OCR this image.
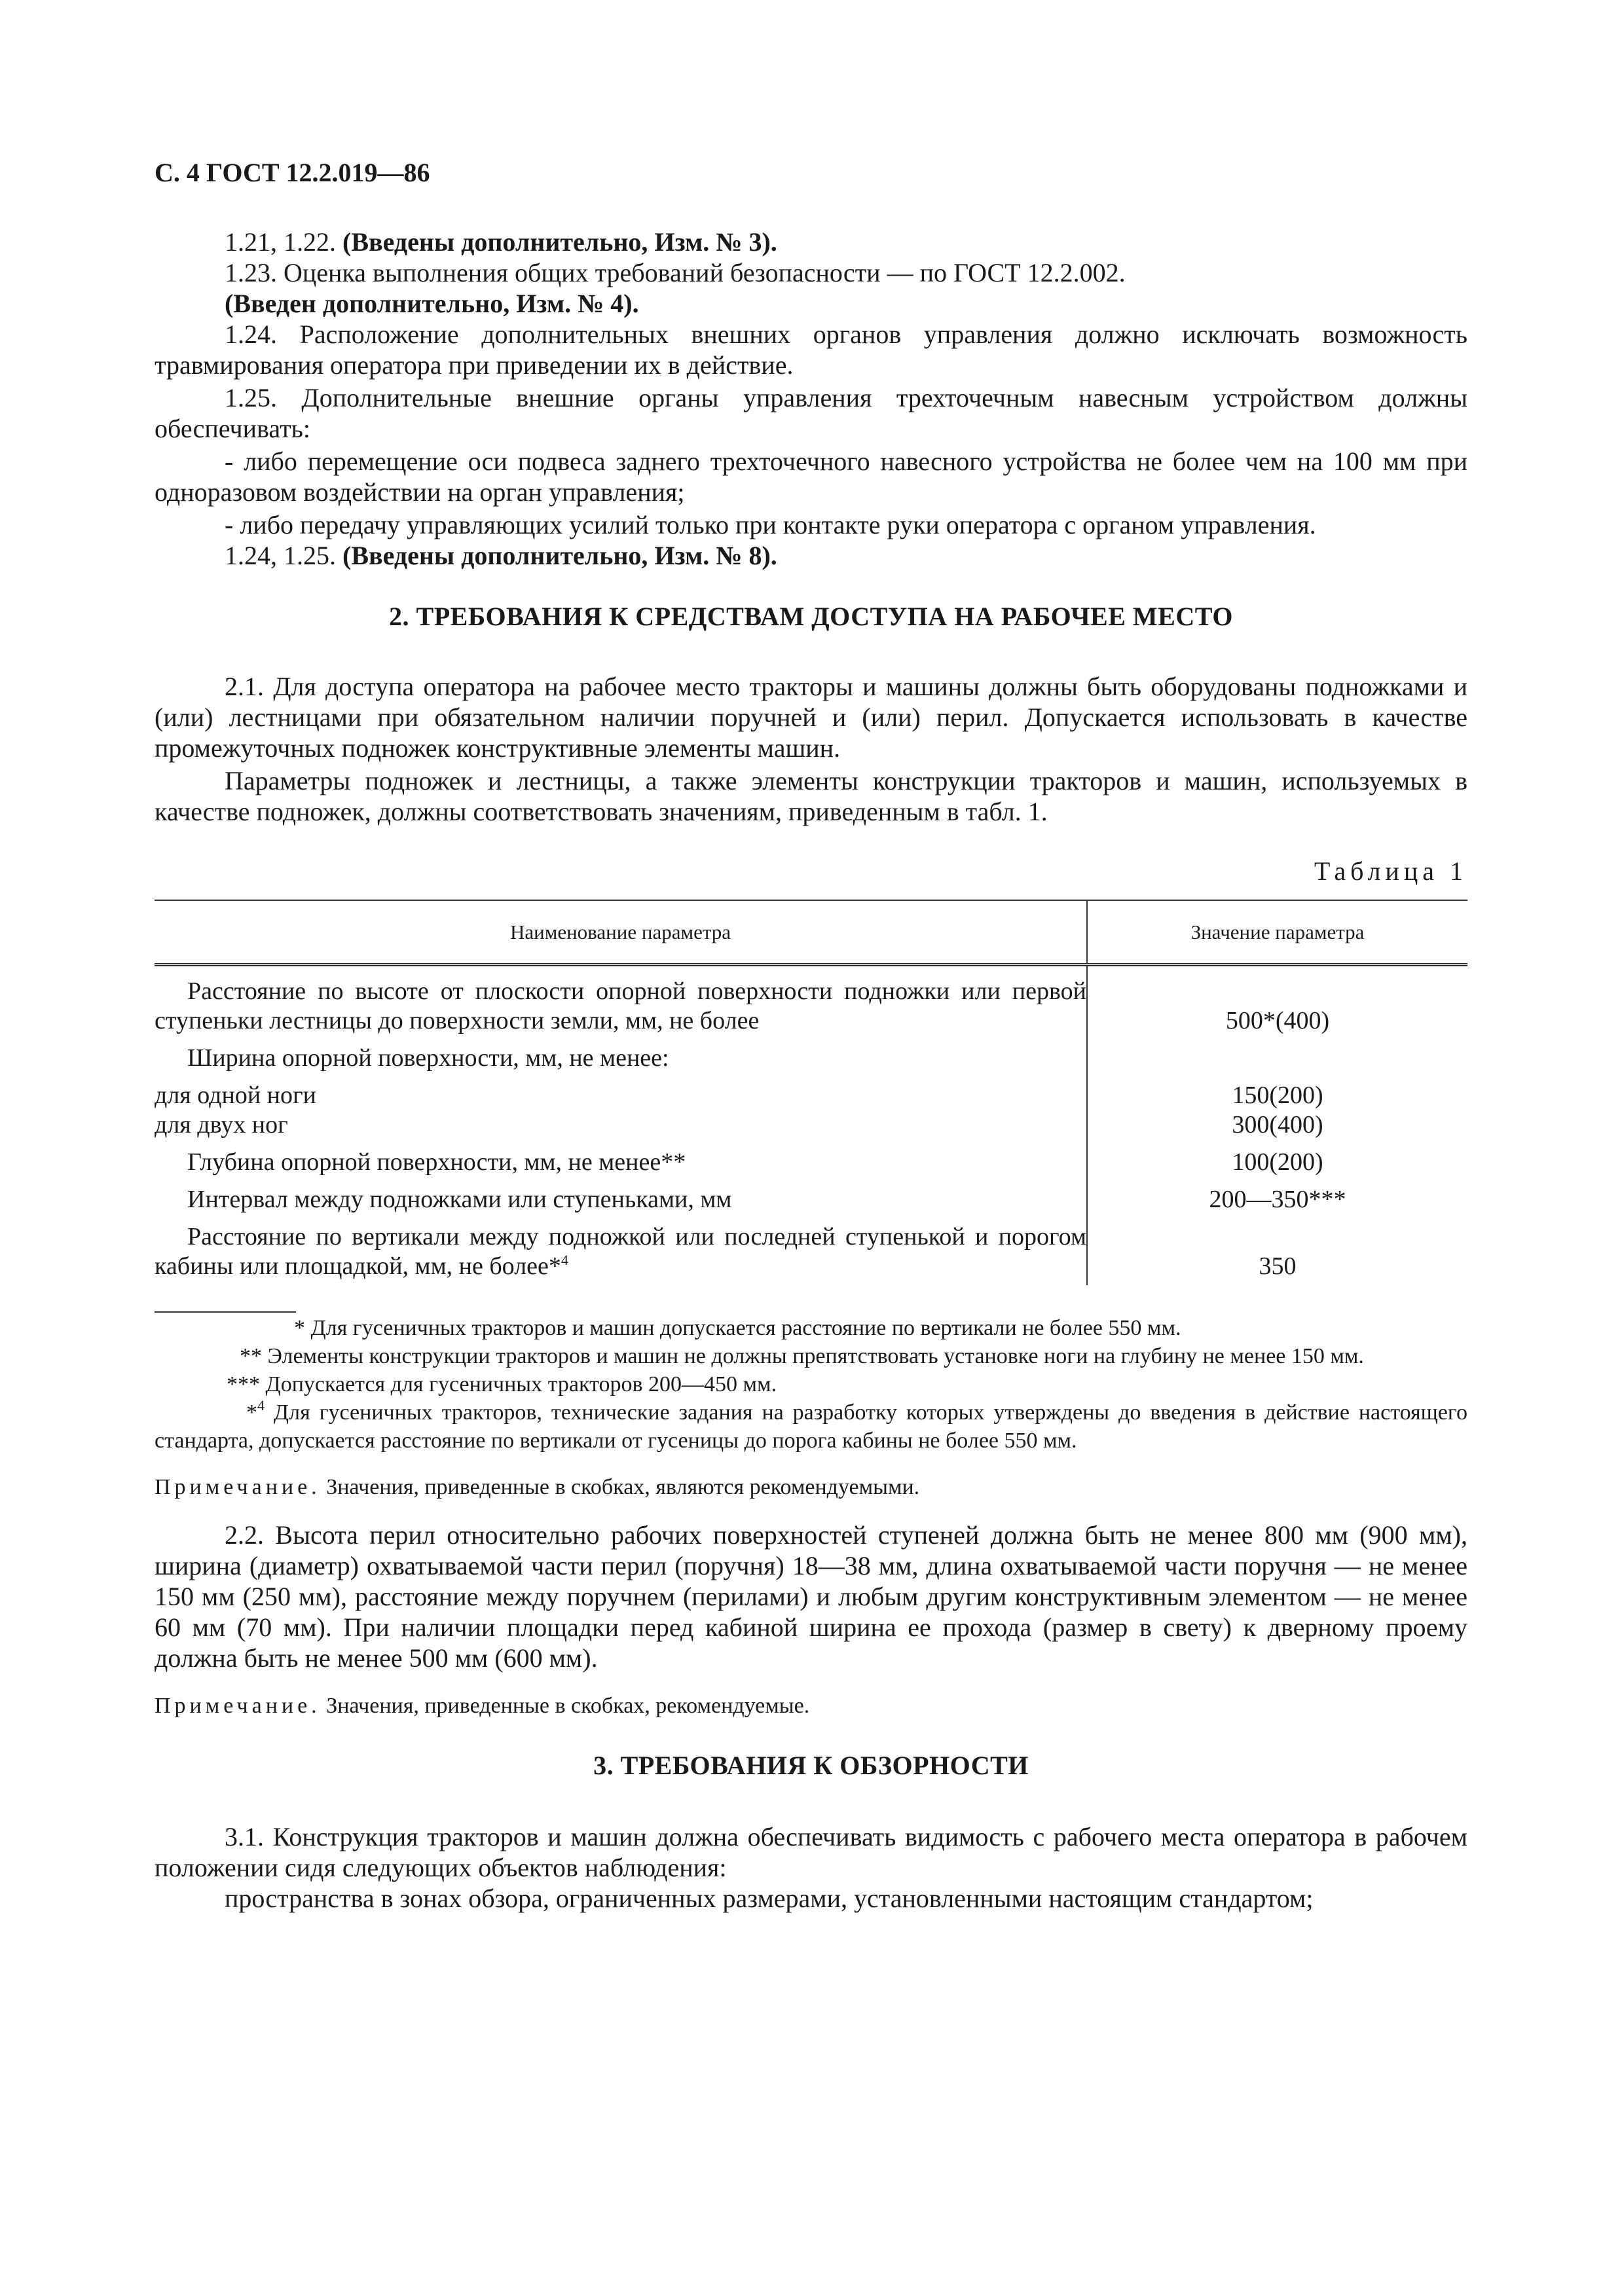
С. 4 ГОСТ 12.2.019—86

1.21, 1.22. (Введены дополнительно, Изм. № 3).

1.23. Оценка выполнения общих требований безопасности — по ГОСТ 12.2.002.

(Введен дополнительно, Изм. № 4).

1.24. Расположение дополнительных внешних органов управления должно исключать возможность травмирования оператора при приведении их в действие.

1.25. Дополнительные внешние органы управления трехточечным навесным устройством должны обеспечивать:

- либо перемещение оси подвеса заднего трехточечного навесного устройства не более чем на 100 мм при одноразовом воздействии на орган управления;

- либо передачу управляющих усилий только при контакте руки оператора с органом управления.

1.24, 1.25. (Введены дополнительно, Изм. № 8).

2. ТРЕБОВАНИЯ К СРЕДСТВАМ ДОСТУПА НА РАБОЧЕЕ МЕСТО

2.1. Для доступа оператора на рабочее место тракторы и машины должны быть оборудованы подножками и (или) лестницами при обязательном наличии поручней и (или) перил. Допускается использовать в качестве промежуточных подножек конструктивные элементы машин.

Параметры подножек и лестницы, а также элементы конструкции тракторов и машин, используемых в качестве подножек, должны соответствовать значениям, приведенным в табл. 1.

Таблица 1
Наименование параметра	Значение параметра
Расстояние по высоте от плоскости опорной поверхности подножки или первой ступеньки лестницы до поверхности земли, мм, не более	500*(400)
Ширина опорной поверхности, мм, не менее:	
для одной ноги	150(200)
для двух ног	300(400)
Глубина опорной поверхности, мм, не менее**	100(200)
Интервал между подножками или ступеньками, мм	200—350***
Расстояние по вертикали между подножкой или последней ступенькой и порогом кабины или площадкой, мм, не более*$^4$	350

* Для гусеничных тракторов и машин допускается расстояние по вертикали не более 550 мм.

** Элементы конструкции тракторов и машин не должны препятствовать установке ноги на глубину не менее 150 мм.

*** Допускается для гусеничных тракторов 200—450 мм.

*$^4$ Для гусеничных тракторов, технические задания на разработку которых утверждены до введения в действие настоящего стандарта, допускается расстояние по вертикали от гусеницы до порога кабины не более 550 мм.

Примечание. Значения, приведенные в скобках, являются рекомендуемыми.

2.2. Высота перил относительно рабочих поверхностей ступеней должна быть не менее 800 мм (900 мм), ширина (диаметр) охватываемой части перил (поручня) 18—38 мм, длина охватываемой части поручня — не менее 150 мм (250 мм), расстояние между поручнем (перилами) и любым другим конструктивным элементом — не менее 60 мм (70 мм). При наличии площадки перед кабиной ширина ее прохода (размер в свету) к дверному проему должна быть не менее 500 мм (600 мм).

Примечание. Значения, приведенные в скобках, рекомендуемые.

3. ТРЕБОВАНИЯ К ОБЗОРНОСТИ

3.1. Конструкция тракторов и машин должна обеспечивать видимость с рабочего места оператора в рабочем положении сидя следующих объектов наблюдения:

пространства в зонах обзора, ограниченных размерами, установленными настоящим стандартом;
